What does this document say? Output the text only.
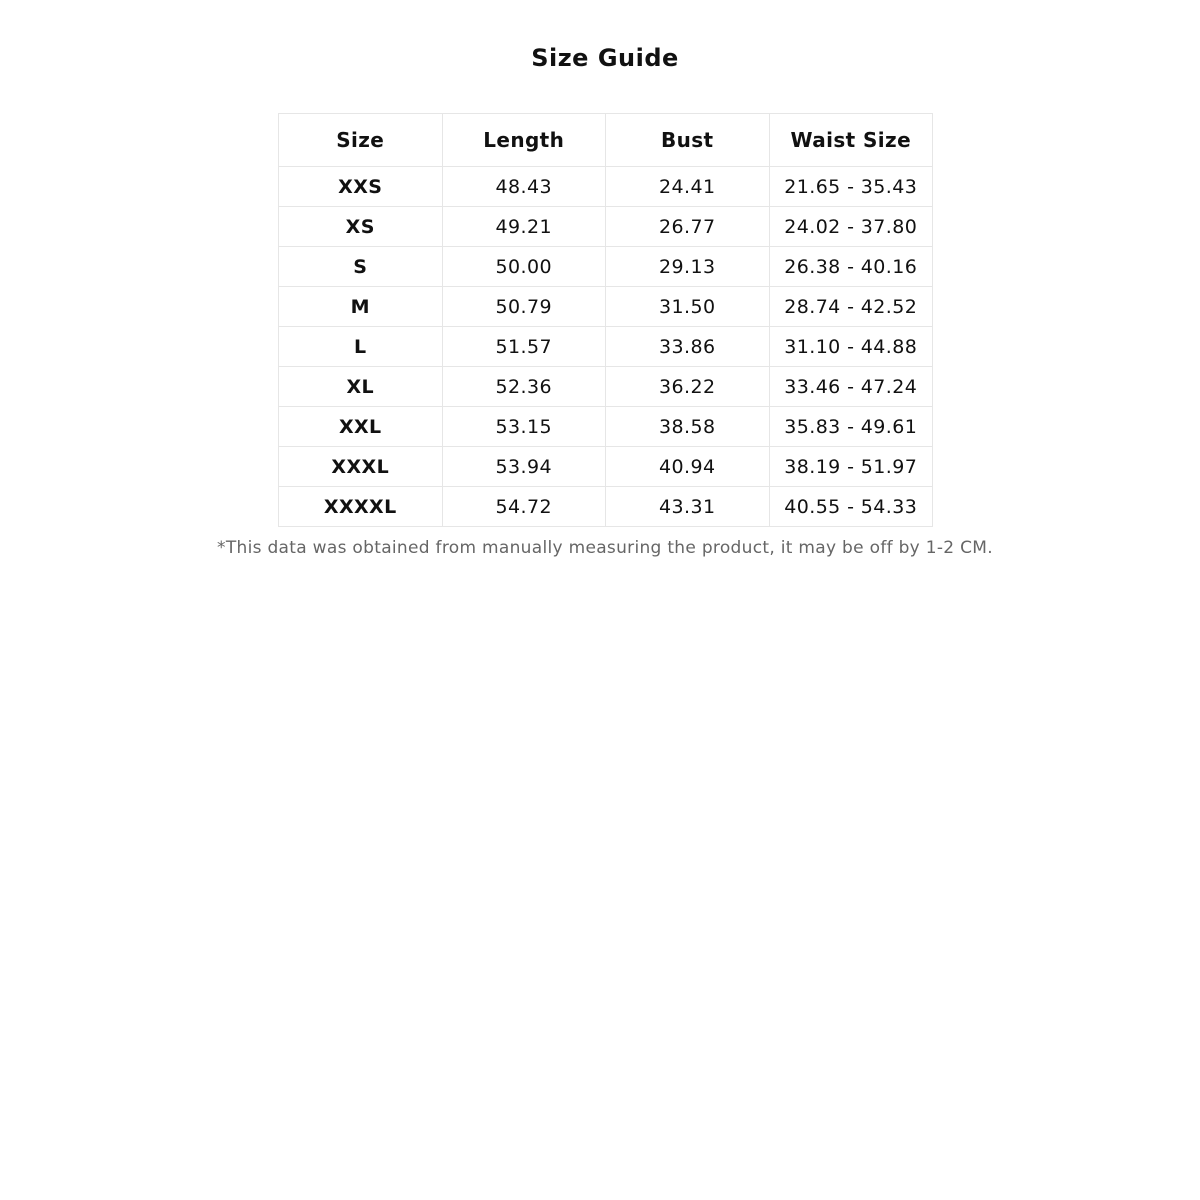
Size Guide
Size	Length	Bust	Waist Size
XXS	48.43	24.41	21.65 - 35.43
XS	49.21	26.77	24.02 - 37.80
S	50.00	29.13	26.38 - 40.16
M	50.79	31.50	28.74 - 42.52
L	51.57	33.86	31.10 - 44.88
XL	52.36	36.22	33.46 - 47.24
XXL	53.15	38.58	35.83 - 49.61
XXXL	53.94	40.94	38.19 - 51.97
XXXXL	54.72	43.31	40.55 - 54.33
*This data was obtained from manually measuring the product, it may be off by 1-2 CM.
